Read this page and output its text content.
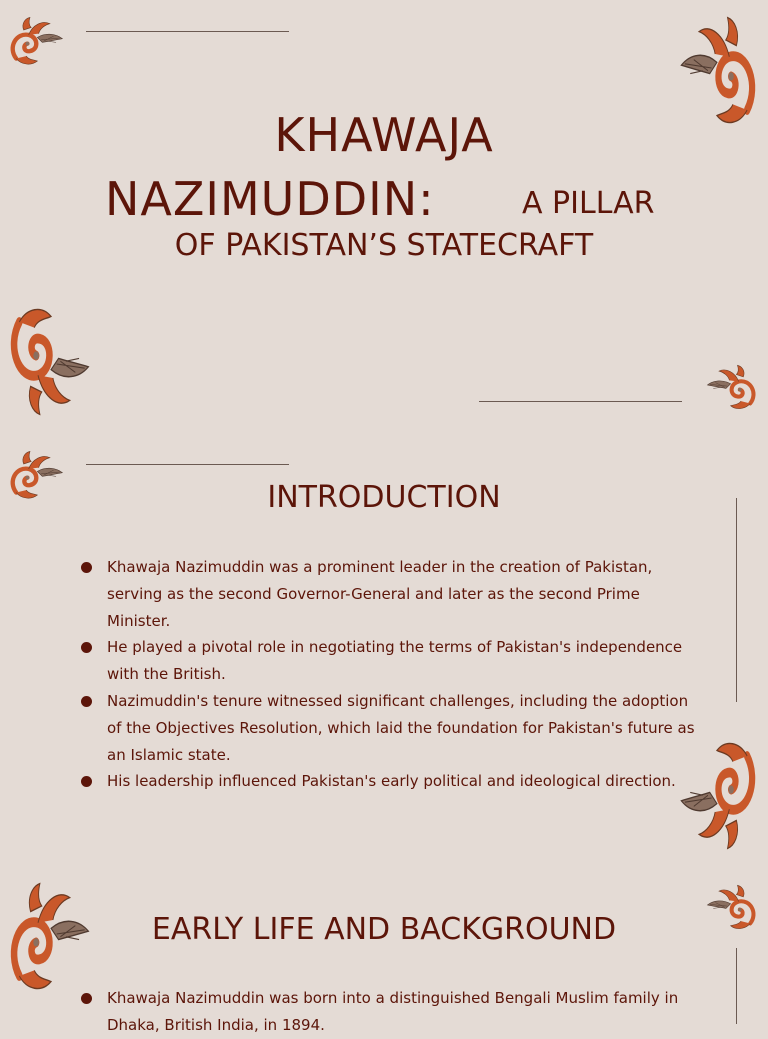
KHAWAJA
NAZIMUDDIN:	A PILLAR
OF PAKISTAN’S STATECRAFT
INTRODUCTION
Khawaja Nazimuddin was a prominent leader in the creation of Pakistan, serving as the second Governor-General and later as the second Prime Minister.
He played a pivotal role in negotiating the terms of Pakistan's independence with the British.
Nazimuddin's tenure witnessed significant challenges, including the adoption of the Objectives Resolution, which laid the foundation for Pakistan's future as an Islamic state.
His leadership influenced Pakistan's early political and ideological direction.
EARLY LIFE AND BACKGROUND
Khawaja Nazimuddin was born into a distinguished Bengali Muslim family in Dhaka, British India, in 1894.
